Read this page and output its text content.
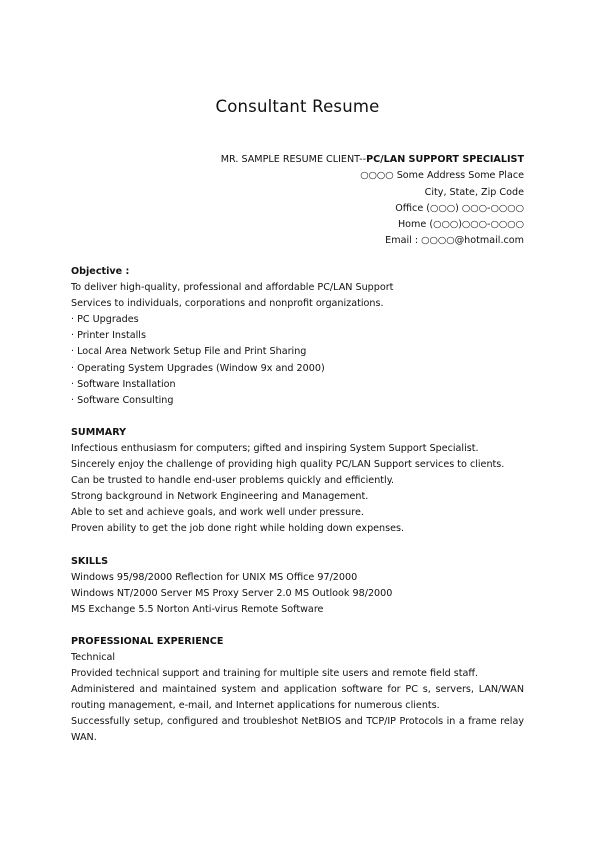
Consultant Resume
MR. SAMPLE RESUME CLIENT--PC/LAN SUPPORT SPECIALIST
○○○○ Some Address Some Place
City, State, Zip Code
Office (○○○) ○○○-○○○○
Home (○○○)○○○-○○○○
Email : ○○○○@hotmail.com
Objective :
To deliver high-quality, professional and affordable PC/LAN Support
Services to individuals, corporations and nonprofit organizations.
· PC Upgrades
· Printer Installs
· Local Area Network Setup File and Print Sharing
· Operating System Upgrades (Window 9x and 2000)
· Software Installation
· Software Consulting
SUMMARY
Infectious enthusiasm for computers; gifted and inspiring System Support Specialist.
Sincerely enjoy the challenge of providing high quality PC/LAN Support services to clients.
Can be trusted to handle end-user problems quickly and efficiently.
Strong background in Network Engineering and Management.
Able to set and achieve goals, and work well under pressure.
Proven ability to get the job done right while holding down expenses.
SKILLS
Windows 95/98/2000 Reflection for UNIX MS Office 97/2000
Windows NT/2000 Server MS Proxy Server 2.0 MS Outlook 98/2000
MS Exchange 5.5 Norton Anti-virus Remote Software
PROFESSIONAL EXPERIENCE
Technical
Provided technical support and training for multiple site users and remote field staff.
Administered and maintained system and application software for PC s, servers, LAN/WAN routing management, e-mail, and Internet applications for numerous clients.
Successfully setup, configured and troubleshot NetBIOS and TCP/IP Protocols in a frame relay WAN.
